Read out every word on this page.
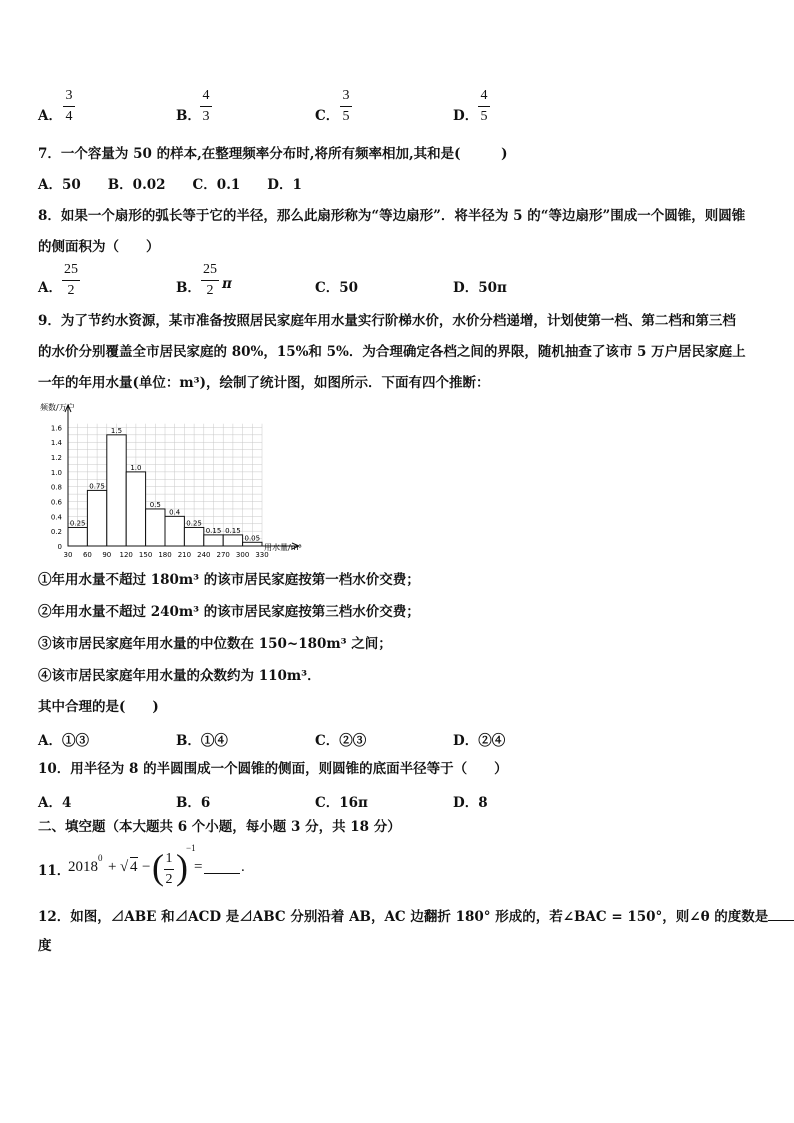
A．
3
4	B．
4
3	C．
3
5	D．
4
5
7．一个容量为 50 的样本,在整理频率分布时,将所有频率相加,其和是(　　　)
A．50　　B．0.02　　C．0.1　　D．1
8．如果一个扇形的弧长等于它的半径，那么此扇形称为“等边扇形”．将半径为 5 的“等边扇形”围成一个圆锥，则圆锥
的侧面积为（　　）
A．
25
2	B．
25
2 π	C．50	D．50π
9．为了节约水资源，某市准备按照居民家庭年用水量实行阶梯水价，水价分档递增，计划使第一档、第二档和第三档
的水价分别覆盖全市居民家庭的 80%，15%和 5%．为合理确定各档之间的界限，随机抽查了该市 5 万户居民家庭上
一年的年用水量(单位：m³)，绘制了统计图，如图所示．下面有四个推断：
0.25
0.75
1.5
1.0
0.5
0.4
0.25
0.15 0.15
0.05
0
0.2
0.4
0.6
0.8
1.0
1.2
1.4
1.6
30 60 90 120 150 180 210 240 270 300 330
频数/万户
用水量/m³
①年用水量不超过 180m³ 的该市居民家庭按第一档水价交费；
②年用水量不超过 240m³ 的该市居民家庭按第三档水价交费；
③该市居民家庭年用水量的中位数在 150~180m³ 之间；
④该市居民家庭年用水量的众数约为 110m³．
其中合理的是(　　)
A．①③	B．①④	C．②③	D．②④
10．用半径为 8 的半圆围成一个圆锥的侧面，则圆锥的底面半径等于（　　）
A．4	B．6	C．16π	D．8
二、填空题（本大题共 6 个小题，每小题 3 分，共 18 分）
11．
2018
0
+ √ 4 − ( 1
2 )
−1
=	.
12．如图，⊿ABE 和⊿ACD 是⊿ABC 分别沿着 AB，AC 边翻折 180° 形成的，若∠BAC = 150°，则∠θ 的度数是
度
